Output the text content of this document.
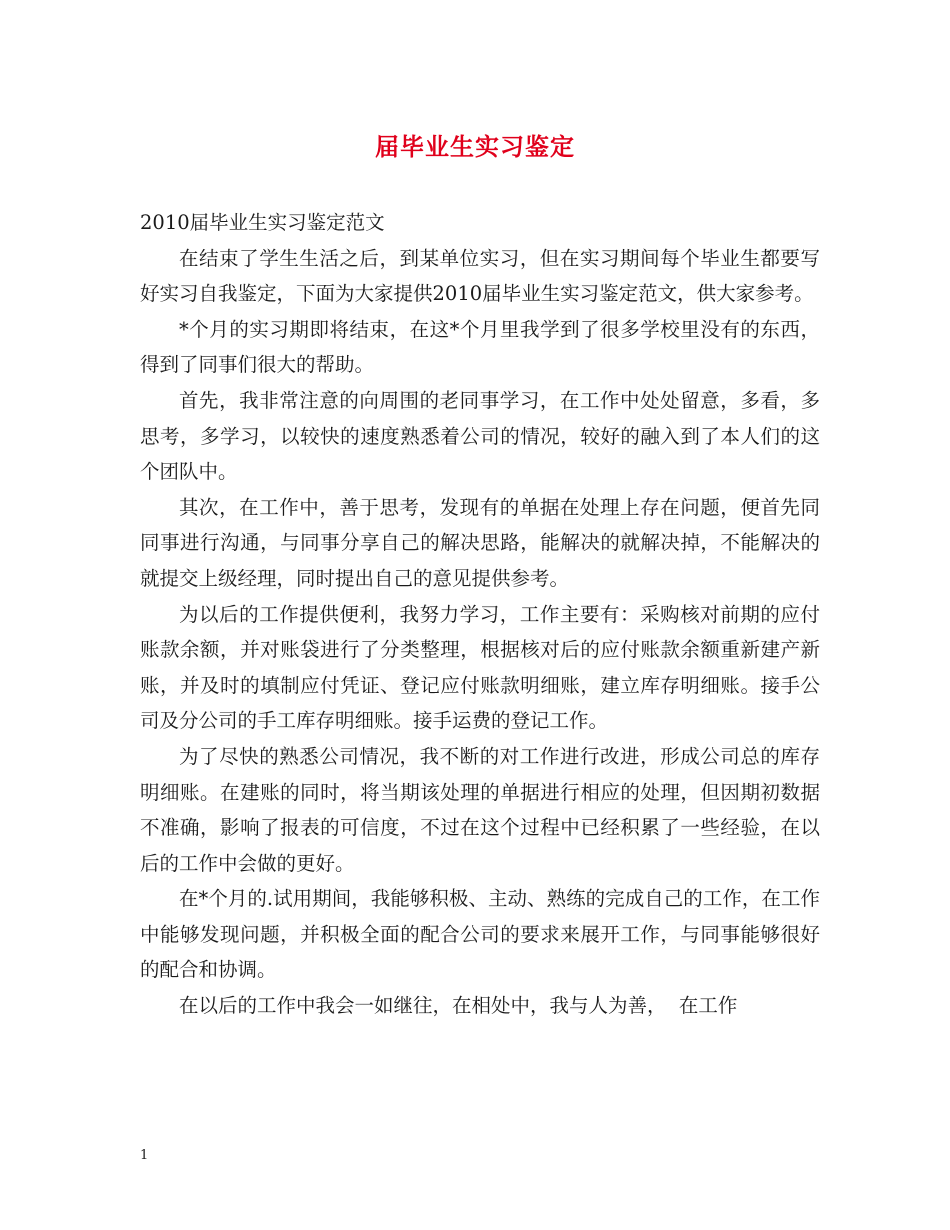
届毕业生实习鉴定

2010届毕业生实习鉴定范文

在结束了学生生活之后，到某单位实习，但在实习期间每个毕业生都要写好实习自我鉴定，下面为大家提供2010届毕业生实习鉴定范文，供大家参考。

*个月的实习期即将结束，在这*个月里我学到了很多学校里没有的东西，得到了同事们很大的帮助。

首先，我非常注意的向周围的老同事学习，在工作中处处留意，多看，多思考，多学习，以较快的速度熟悉着公司的情况，较好的融入到了本人们的这个团队中。

其次，在工作中，善于思考，发现有的单据在处理上存在问题，便首先同同事进行沟通，与同事分享自己的解决思路，能解决的就解决掉，不能解决的就提交上级经理，同时提出自己的意见提供参考。

为以后的工作提供便利，我努力学习，工作主要有：采购核对前期的应付账款余额，并对账袋进行了分类整理，根据核对后的应付账款余额重新建产新账，并及时的填制应付凭证、登记应付账款明细账，建立库存明细账。接手公司及分公司的手工库存明细账。接手运费的登记工作。

为了尽快的熟悉公司情况，我不断的对工作进行改进，形成公司总的库存明细账。在建账的同时，将当期该处理的单据进行相应的处理，但因期初数据不准确，影响了报表的可信度，不过在这个过程中已经积累了一些经验，在以后的工作中会做的更好。

在*个月的.试用期间，我能够积极、主动、熟练的完成自己的工作，在工作中能够发现问题，并积极全面的配合公司的要求来展开工作，与同事能够很好的配合和协调。

在以后的工作中我会一如继往，在相处中，我与人为善，  在工作

1
